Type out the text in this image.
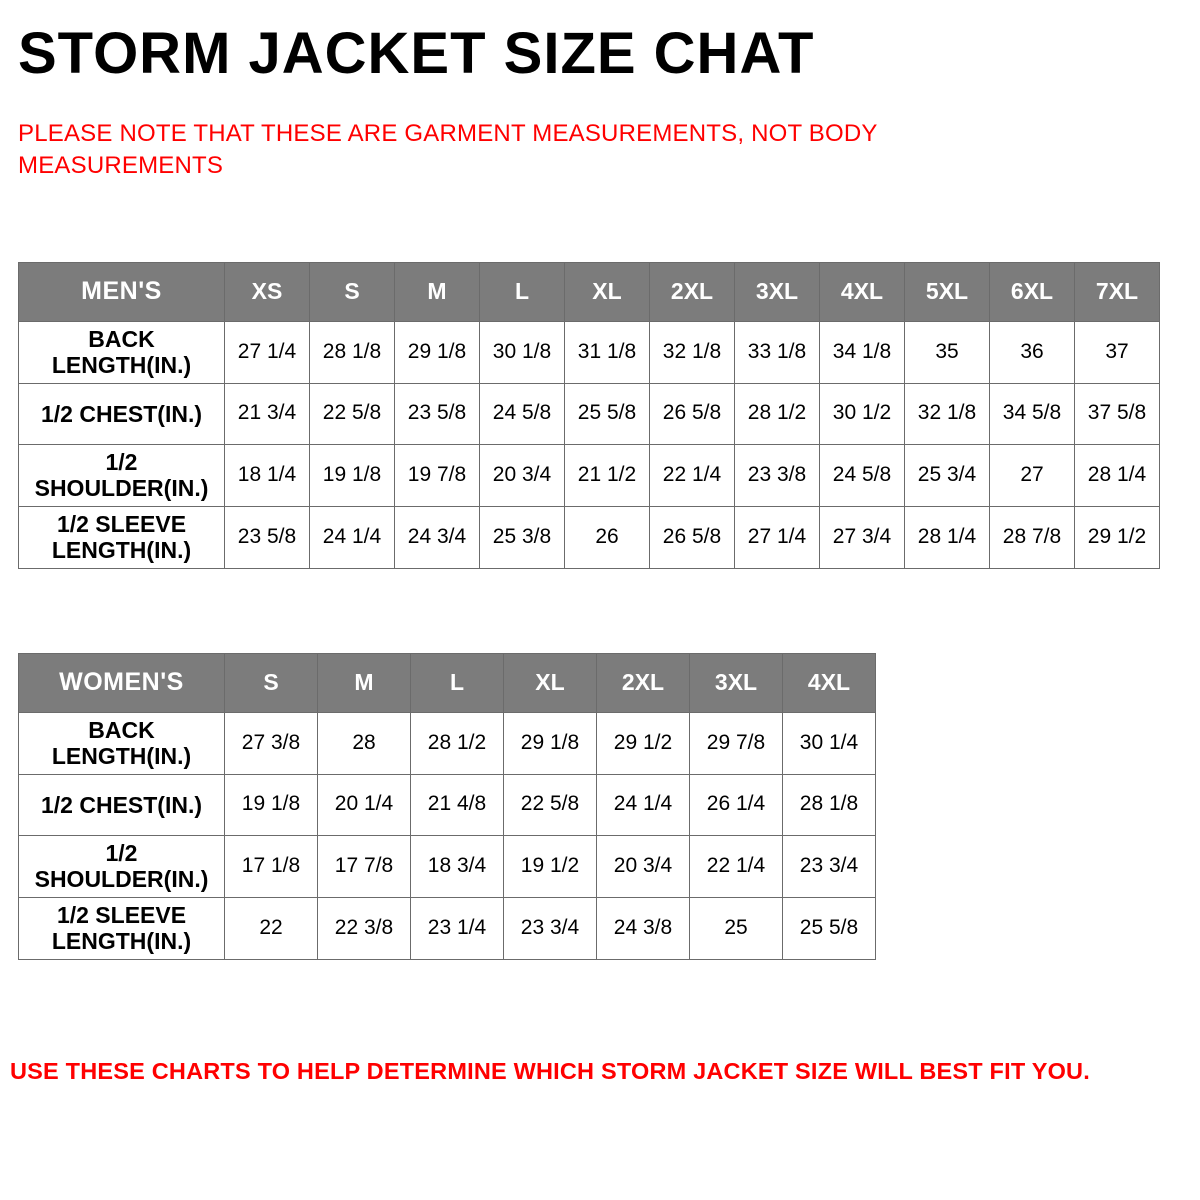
STORM JACKET SIZE CHAT
PLEASE NOTE THAT THESE ARE GARMENT MEASUREMENTS, NOT BODY MEASUREMENTS
MEN'S	XS	S	M	L	XL	2XL	3XL	4XL	5XL	6XL	7XL
BACK LENGTH(IN.)	27 1/4	28 1/8	29 1/8	30 1/8	31 1/8	32 1/8	33 1/8	34 1/8	35	36	37
1/2 CHEST(IN.)	21 3/4	22 5/8	23 5/8	24 5/8	25 5/8	26 5/8	28 1/2	30 1/2	32 1/8	34 5/8	37 5/8
1/2 SHOULDER(IN.)	18 1/4	19 1/8	19 7/8	20 3/4	21 1/2	22 1/4	23 3/8	24 5/8	25 3/4	27	28 1/4
1/2 SLEEVE LENGTH(IN.)	23 5/8	24 1/4	24 3/4	25 3/8	26	26 5/8	27 1/4	27 3/4	28 1/4	28 7/8	29 1/2
WOMEN'S	S	M	L	XL	2XL	3XL	4XL
BACK LENGTH(IN.)	27 3/8	28	28 1/2	29 1/8	29 1/2	29 7/8	30 1/4
1/2 CHEST(IN.)	19 1/8	20 1/4	21 4/8	22 5/8	24 1/4	26 1/4	28 1/8
1/2 SHOULDER(IN.)	17 1/8	17 7/8	18 3/4	19 1/2	20 3/4	22 1/4	23 3/4
1/2 SLEEVE LENGTH(IN.)	22	22 3/8	23 1/4	23 3/4	24 3/8	25	25 5/8
USE THESE CHARTS TO HELP DETERMINE WHICH STORM JACKET SIZE WILL BEST FIT YOU.
